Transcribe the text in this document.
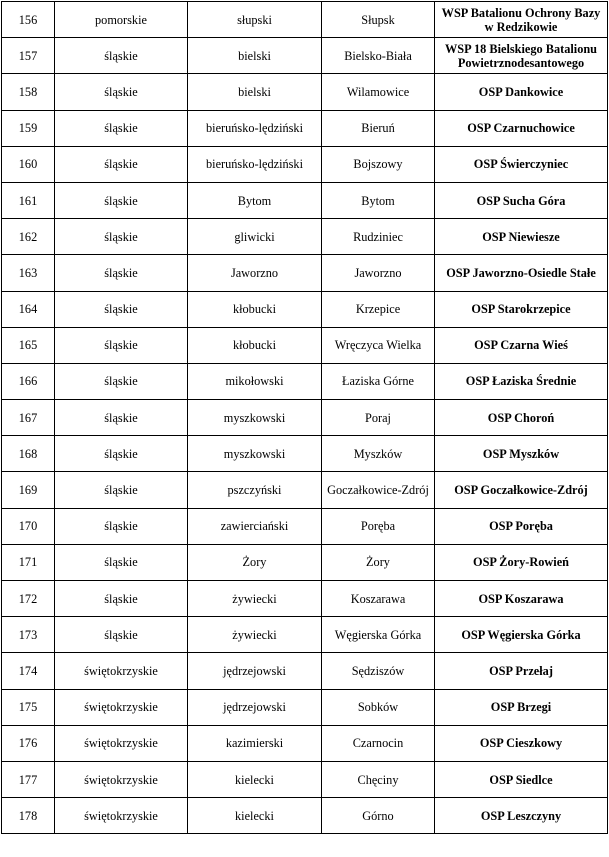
156	pomorskie	słupski	Słupsk	WSP Batalionu Ochrony Bazy w Redzikowie
157	śląskie	bielski	Bielsko-Biała	WSP 18 Bielskiego Batalionu Powietrznodesantowego
158	śląskie	bielski	Wilamowice	OSP Dankowice
159	śląskie	bieruńsko-lędziński	Bieruń	OSP Czarnuchowice
160	śląskie	bieruńsko-lędziński	Bojszowy	OSP Świerczyniec
161	śląskie	Bytom	Bytom	OSP Sucha Góra
162	śląskie	gliwicki	Rudziniec	OSP Niewiesze
163	śląskie	Jaworzno	Jaworzno	OSP Jaworzno-Osiedle Stałe
164	śląskie	kłobucki	Krzepice	OSP Starokrzepice
165	śląskie	kłobucki	Wręczyca Wielka	OSP Czarna Wieś
166	śląskie	mikołowski	Łaziska Górne	OSP Łaziska Średnie
167	śląskie	myszkowski	Poraj	OSP Choroń
168	śląskie	myszkowski	Myszków	OSP Myszków
169	śląskie	pszczyński	Goczałkowice-Zdrój	OSP Goczałkowice-Zdrój
170	śląskie	zawierciański	Poręba	OSP Poręba
171	śląskie	Żory	Żory	OSP Żory-Rowień
172	śląskie	żywiecki	Koszarawa	OSP Koszarawa
173	śląskie	żywiecki	Węgierska Górka	OSP Węgierska Górka
174	świętokrzyskie	jędrzejowski	Sędziszów	OSP Przełaj
175	świętokrzyskie	jędrzejowski	Sobków	OSP Brzegi
176	świętokrzyskie	kazimierski	Czarnocin	OSP Cieszkowy
177	świętokrzyskie	kielecki	Chęciny	OSP Siedlce
178	świętokrzyskie	kielecki	Górno	OSP Leszczyny
